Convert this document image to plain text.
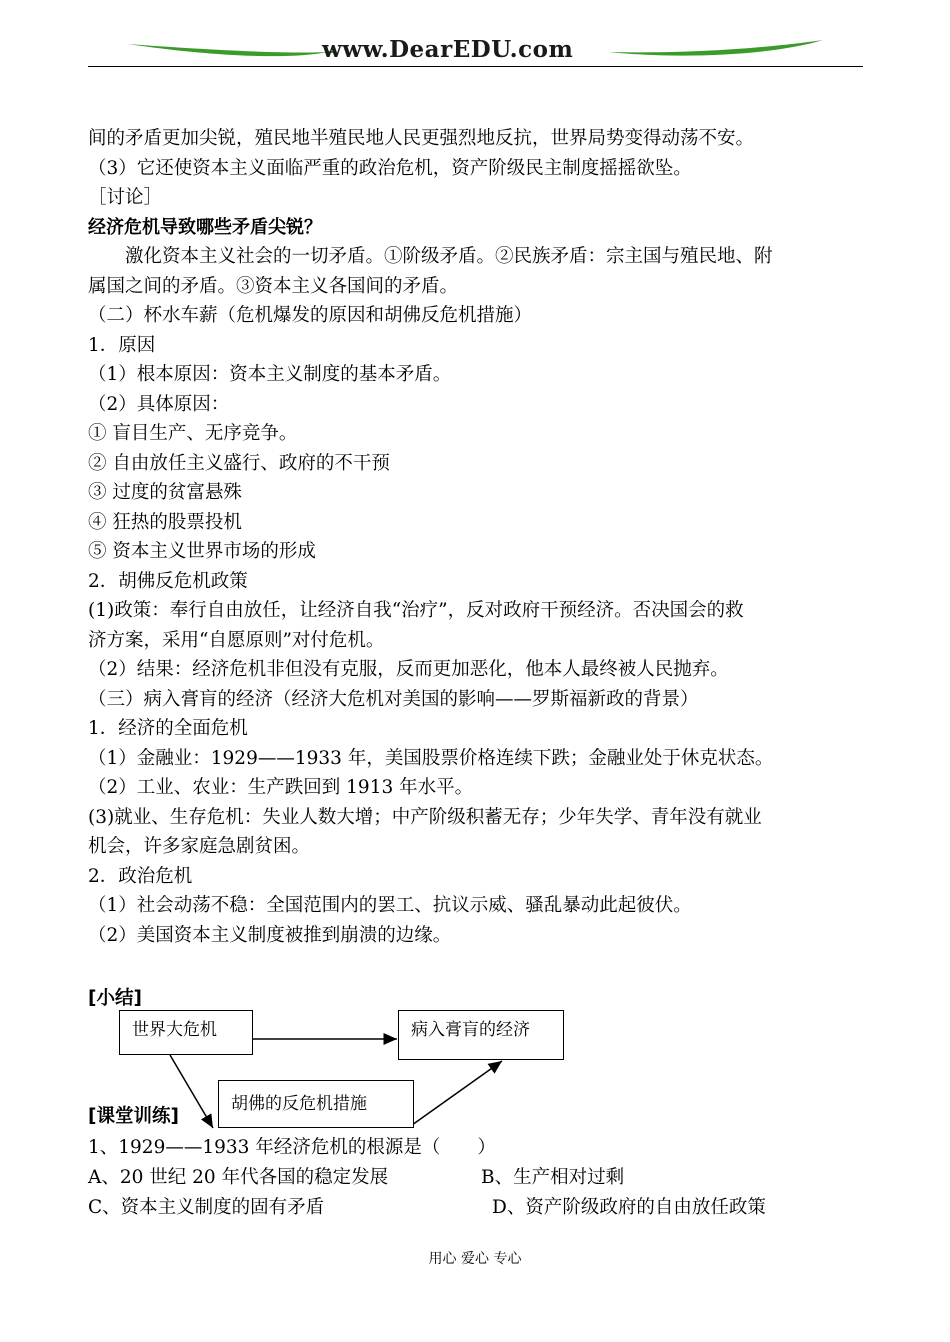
www.DearEDU.com
间的矛盾更加尖锐，殖民地半殖民地人民更强烈地反抗，世界局势变得动荡不安。
（3）它还使资本主义面临严重的政治危机，资产阶级民主制度摇摇欲坠。
［讨论］
经济危机导致哪些矛盾尖锐？
激化资本主义社会的一切矛盾。①阶级矛盾。②民族矛盾：宗主国与殖民地、附
属国之间的矛盾。③资本主义各国间的矛盾。
（二）杯水车薪（危机爆发的原因和胡佛反危机措施）
1．原因
（1）根本原因：资本主义制度的基本矛盾。
（2）具体原因：
① 盲目生产、无序竞争。
② 自由放任主义盛行、政府的不干预
③ 过度的贫富悬殊
④ 狂热的股票投机
⑤ 资本主义世界市场的形成
2．胡佛反危机政策
(1)政策：奉行自由放任，让经济自我“治疗”，反对政府干预经济。否决国会的救
济方案，采用“自愿原则”对付危机。
（2）结果：经济危机非但没有克服，反而更加恶化，他本人最终被人民抛弃。
（三）病入膏肓的经济（经济大危机对美国的影响——罗斯福新政的背景）
1．经济的全面危机
（1）金融业：1929——1933 年，美国股票价格连续下跌；金融业处于休克状态。
（2）工业、农业：生产跌回到 1913 年水平。
(3)就业、生存危机：失业人数大增；中产阶级积蓄无存；少年失学、青年没有就业
机会，许多家庭急剧贫困。
2．政治危机
（1）社会动荡不稳：全国范围内的罢工、抗议示威、骚乱暴动此起彼伏。
（2）美国资本主义制度被推到崩溃的边缘。
[小结]
世界大危机	病入膏肓的经济
胡佛的反危机措施
[课堂训练]
1、1929——1933 年经济危机的根源是（　　）
A、20 世纪 20 年代各国的稳定发展	B、生产相对过剩
C、资本主义制度的固有矛盾	D、资产阶级政府的自由放任政策
用心 爱心 专心
